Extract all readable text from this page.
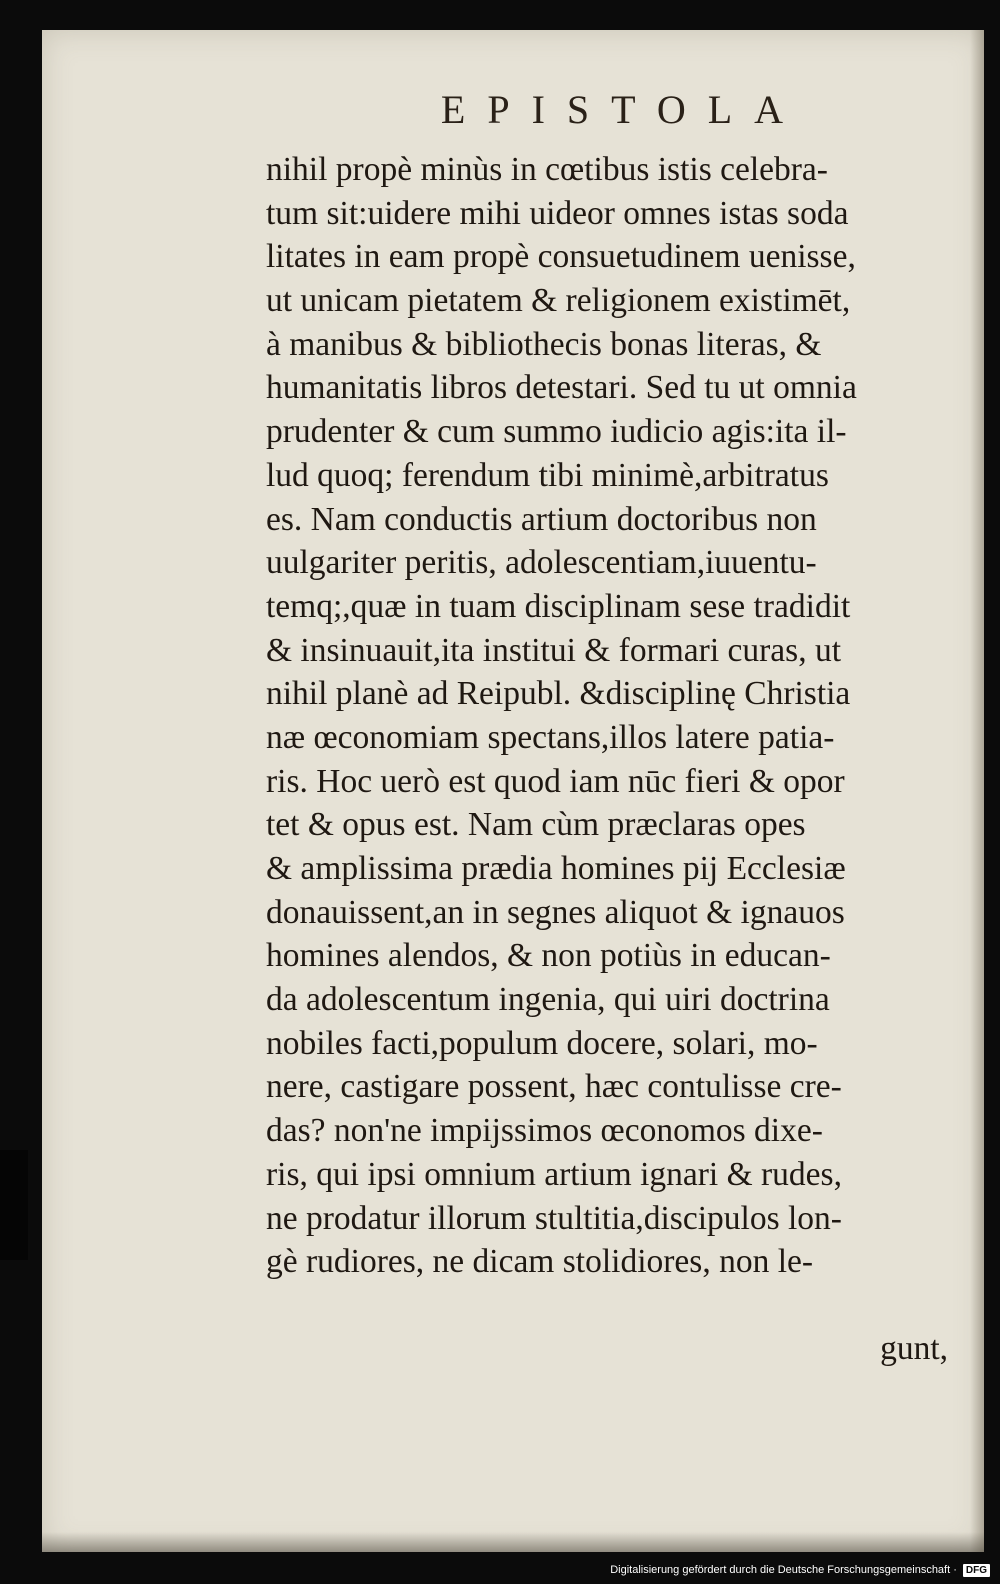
EPISTOLA
nihil propè minùs in cœtibus istis celebra-
tum sit:uidere mihi uideor omnes istas soda
litates in eam propè consuetudinem uenisse,
ut unicam pietatem & religionem existimēt,
à manibus & bibliothecis bonas literas, &
humanitatis libros detestari. Sed tu ut omnia
prudenter & cum summo iudicio agis:ita il-
lud quoq; ferendum tibi minimè,arbitratus
es. Nam conductis artium doctoribus non
uulgariter peritis, adolescentiam,iuuentu-
temq;,quæ in tuam disciplinam sese tradidit
& insinuauit,ita institui & formari curas, ut
nihil planè ad Reipubl. &disciplinę Christia
næ œconomiam spectans,illos latere patia-
ris. Hoc uerò est quod iam nūc fieri & opor
tet & opus est. Nam cùm præclaras opes
& amplissima prædia homines pij Ecclesiæ
donauissent,an in segnes aliquot & ignauos
homines alendos, & non potiùs in educan-
da adolescentum ingenia, qui uiri doctrina
nobiles facti,populum docere, solari, mo-
nere, castigare possent, hæc contulisse cre-
das? non'ne impijssimos œconomos dixe-
ris, qui ipsi omnium artium ignari & rudes,
ne prodatur illorum stultitia,discipulos lon-
gè rudiores, ne dicam stolidiores, non le-
gunt,
Digitalisierung gefördert durch die Deutsche Forschungsgemeinschaft · DFG
